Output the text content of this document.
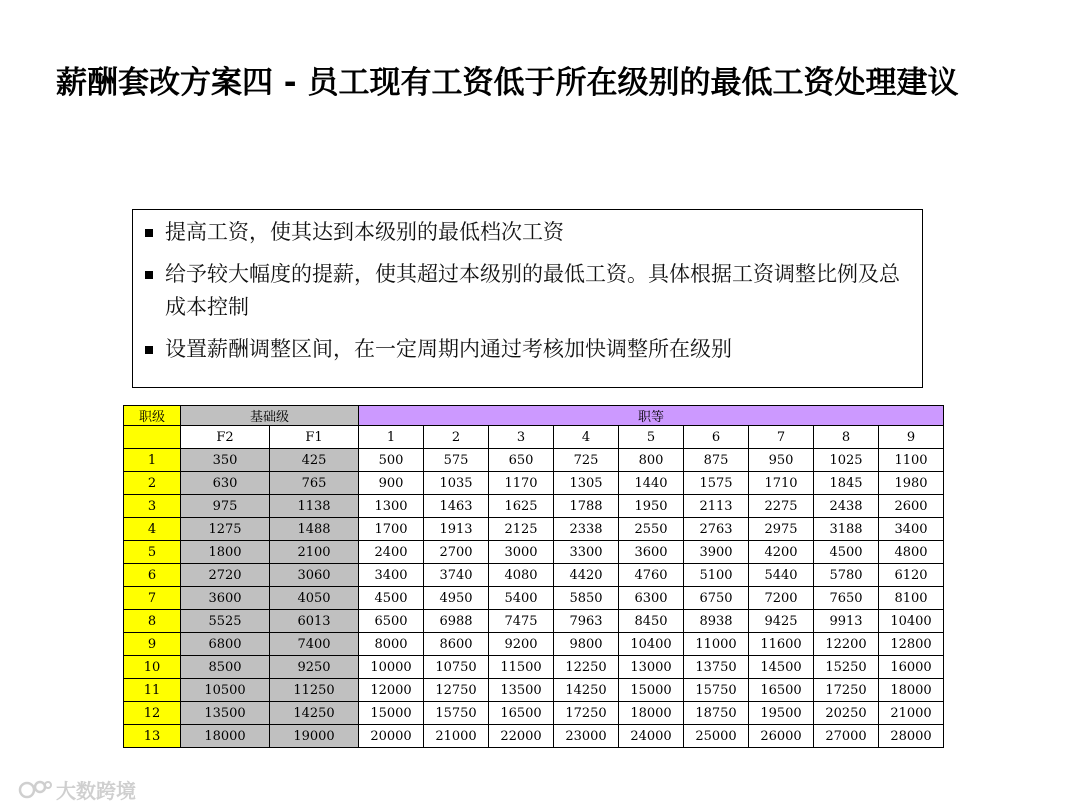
薪酬套改方案四 - 员工现有工资低于所在级别的最低工资处理建议
提高工资，使其达到本级别的最低档次工资
给予较大幅度的提薪，使其超过本级别的最低工资。具体根据工资调整比例及总成本控制
设置薪酬调整区间，在一定周期内通过考核加快调整所在级别
职级	基础级		职等								
	F2	F1	1	2	3	4	5	6	7	8	9
1	350	425	500	575	650	725	800	875	950	1025	1100
2	630	765	900	1035	1170	1305	1440	1575	1710	1845	1980
3	975	1138	1300	1463	1625	1788	1950	2113	2275	2438	2600
4	1275	1488	1700	1913	2125	2338	2550	2763	2975	3188	3400
5	1800	2100	2400	2700	3000	3300	3600	3900	4200	4500	4800
6	2720	3060	3400	3740	4080	4420	4760	5100	5440	5780	6120
7	3600	4050	4500	4950	5400	5850	6300	6750	7200	7650	8100
8	5525	6013	6500	6988	7475	7963	8450	8938	9425	9913	10400
9	6800	7400	8000	8600	9200	9800	10400	11000	11600	12200	12800
10	8500	9250	10000	10750	11500	12250	13000	13750	14500	15250	16000
11	10500	11250	12000	12750	13500	14250	15000	15750	16500	17250	18000
12	13500	14250	15000	15750	16500	17250	18000	18750	19500	20250	21000
13	18000	19000	20000	21000	22000	23000	24000	25000	26000	27000	28000
大数跨境
